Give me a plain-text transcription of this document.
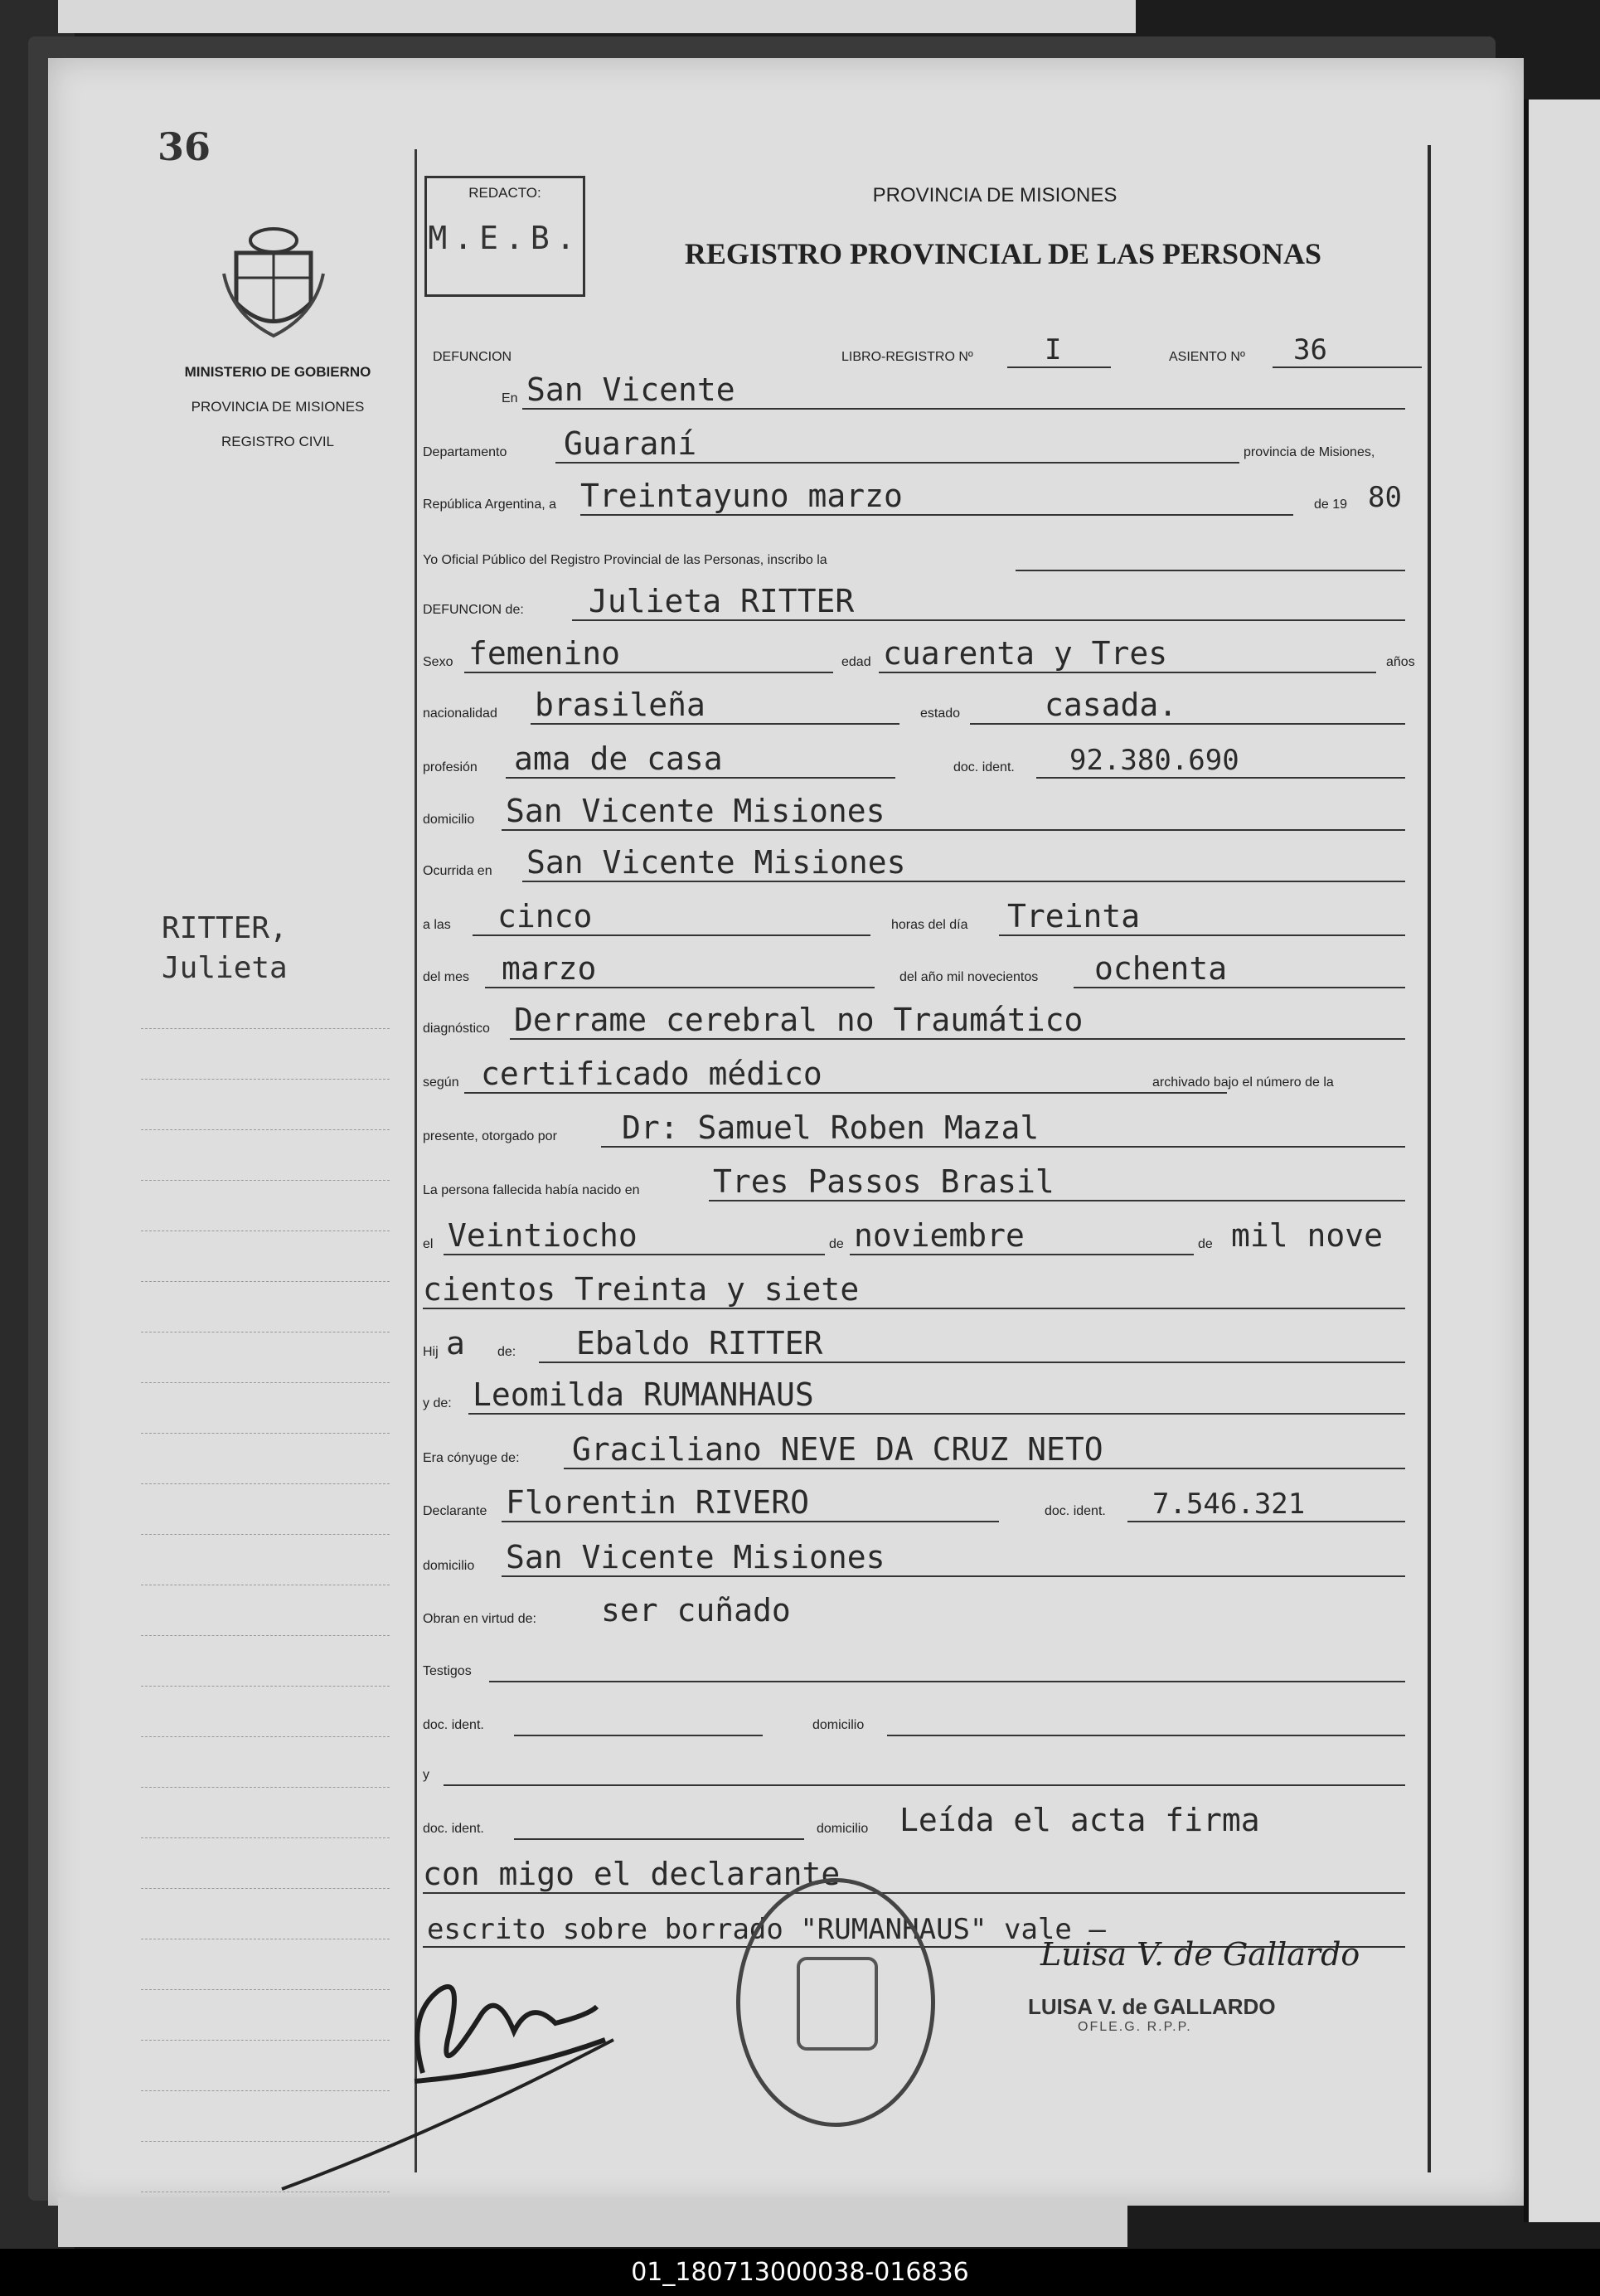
36
MINISTERIO DE GOBIERNO
PROVINCIA DE MISIONES
REGISTRO CIVIL
RITTER,
Julieta
REDACTO:
M.E.B.
PROVINCIA DE MISIONES
REGISTRO PROVINCIAL DE LAS PERSONAS
DEFUNCION	LIBRO-REGISTRO Nº	I	ASIENTO Nº 36
En San Vicente
Departamento Guaraní	provincia de Misiones,
República Argentina, a Treintayuno marzo	de 19 80
Yo Oficial Público del Registro Provincial de las Personas, inscribo la
DEFUNCION de: Julieta RITTER
Sexo femenino	edad cuarenta y Tres	años
nacionalidad brasileña	estado	casada.
profesión ama de casa	doc. ident. 92.380.690
domicilio San Vicente Misiones
Ocurrida en San Vicente Misiones
a las cinco	horas del día Treinta
del mes marzo	del año mil novecientos ochenta
diagnóstico Derrame cerebral no Traumático
según certificado médico	archivado bajo el número de la
presente, otorgado por Dr: Samuel Roben Mazal
La persona fallecida había nacido en Tres Passos Brasil
el Veintiocho	de noviembre	de mil nove
cientos Treinta y siete
Hij a de: Ebaldo RITTER
y de: Leomilda RUMANHAUS
Era cónyuge de: Graciliano NEVE DA CRUZ NETO
Declarante Florentin RIVERO	doc. ident. 7.546.321
domicilio San Vicente Misiones
Obran en virtud de: ser cuñado
Testigos
doc. ident.	domicilio
y
doc. ident.	domicilio Leída el acta firma
con migo el declarante
escrito sobre borrado "RUMANHAUS" vale —
Luisa V. de Gallardo
LUISA V. de GALLARDO
OFLE.G. R.P.P.
01_180713000038-016836
